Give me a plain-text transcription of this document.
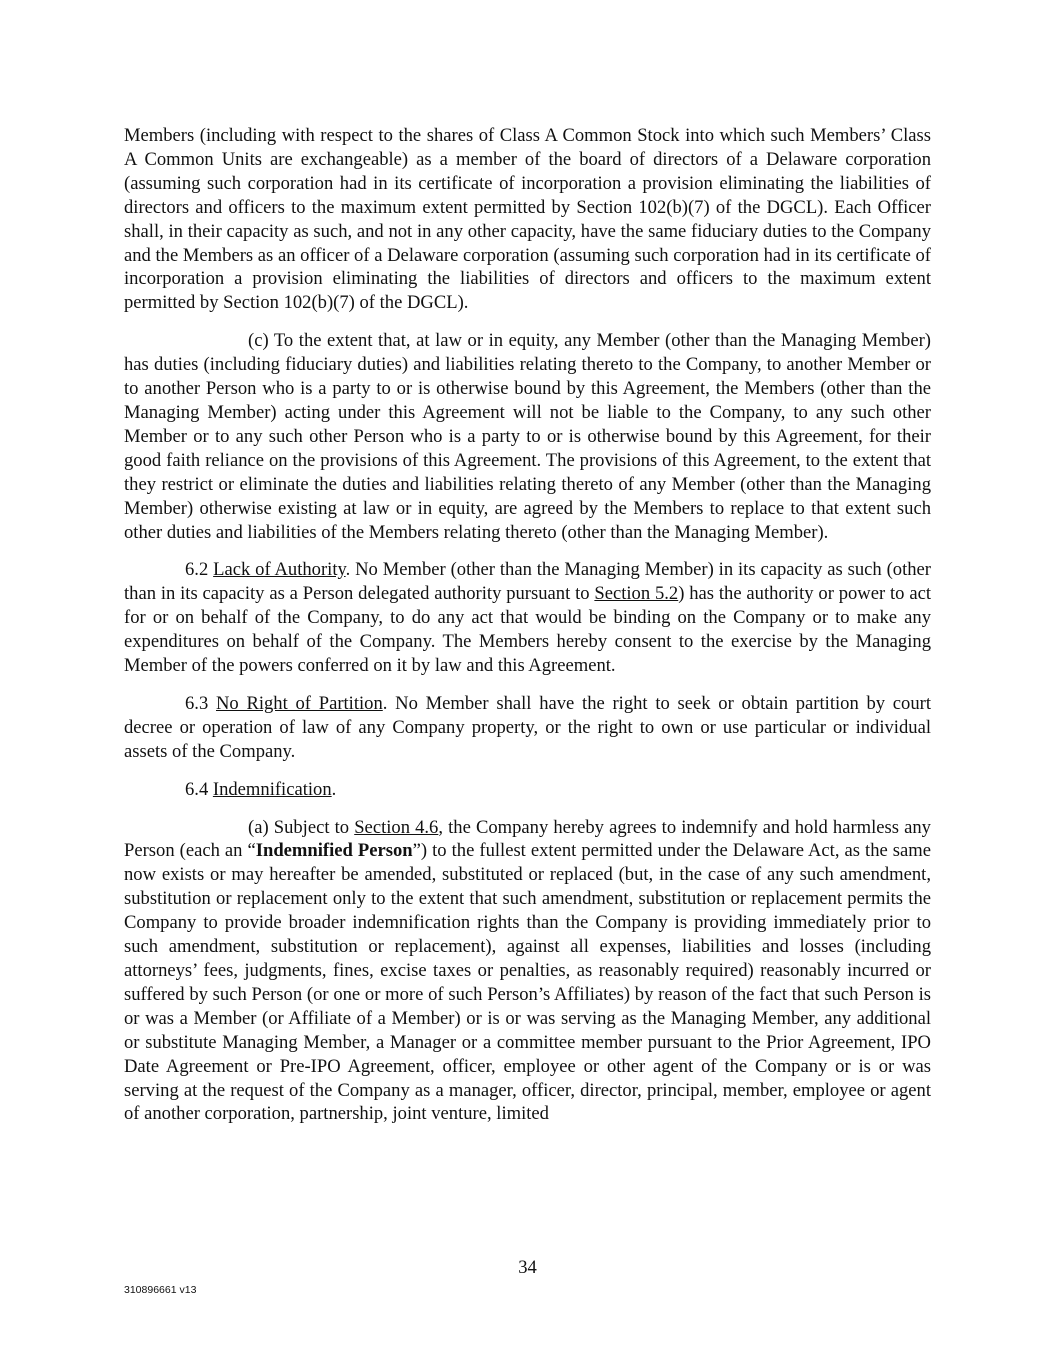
Members (including with respect to the shares of Class A Common Stock into which such Members’ Class A Common Units are exchangeable) as a member of the board of directors of a Delaware corporation (assuming such corporation had in its certificate of incorporation a provision eliminating the liabilities of directors and officers to the maximum extent permitted by Section 102(b)(7) of the DGCL). Each Officer shall, in their capacity as such, and not in any other capacity, have the same fiduciary duties to the Company and the Members as an officer of a Delaware corporation (assuming such corporation had in its certificate of incorporation a provision eliminating the liabilities of directors and officers to the maximum extent permitted by Section 102(b)(7) of the DGCL).

(c) To the extent that, at law or in equity, any Member (other than the Managing Member) has duties (including fiduciary duties) and liabilities relating thereto to the Company, to another Member or to another Person who is a party to or is otherwise bound by this Agreement, the Members (other than the Managing Member) acting under this Agreement will not be liable to the Company, to any such other Member or to any such other Person who is a party to or is otherwise bound by this Agreement, for their good faith reliance on the provisions of this Agreement. The provisions of this Agreement, to the extent that they restrict or eliminate the duties and liabilities relating thereto of any Member (other than the Managing Member) otherwise existing at law or in equity, are agreed by the Members to replace to that extent such other duties and liabilities of the Members relating thereto (other than the Managing Member).

6.2 Lack of Authority. No Member (other than the Managing Member) in its capacity as such (other than in its capacity as a Person delegated authority pursuant to Section 5.2) has the authority or power to act for or on behalf of the Company, to do any act that would be binding on the Company or to make any expenditures on behalf of the Company. The Members hereby consent to the exercise by the Managing Member of the powers conferred on it by law and this Agreement.

6.3 No Right of Partition. No Member shall have the right to seek or obtain partition by court decree or operation of law of any Company property, or the right to own or use particular or individual assets of the Company.

6.4 Indemnification.

(a) Subject to Section 4.6, the Company hereby agrees to indemnify and hold harmless any Person (each an “Indemnified Person”) to the fullest extent permitted under the Delaware Act, as the same now exists or may hereafter be amended, substituted or replaced (but, in the case of any such amendment, substitution or replacement only to the extent that such amendment, substitution or replacement permits the Company to provide broader indemnification rights than the Company is providing immediately prior to such amendment, substitution or replacement), against all expenses, liabilities and losses (including attorneys’ fees, judgments, fines, excise taxes or penalties, as reasonably required) reasonably incurred or suffered by such Person (or one or more of such Person’s Affiliates) by reason of the fact that such Person is or was a Member (or Affiliate of a Member) or is or was serving as the Managing Member, any additional or substitute Managing Member, a Manager or a committee member pursuant to the Prior Agreement, IPO Date Agreement or Pre-IPO Agreement, officer, employee or other agent of the Company or is or was serving at the request of the Company as a manager, officer, director, principal, member, employee or agent of another corporation, partnership, joint venture, limited

34
310896661 v13
